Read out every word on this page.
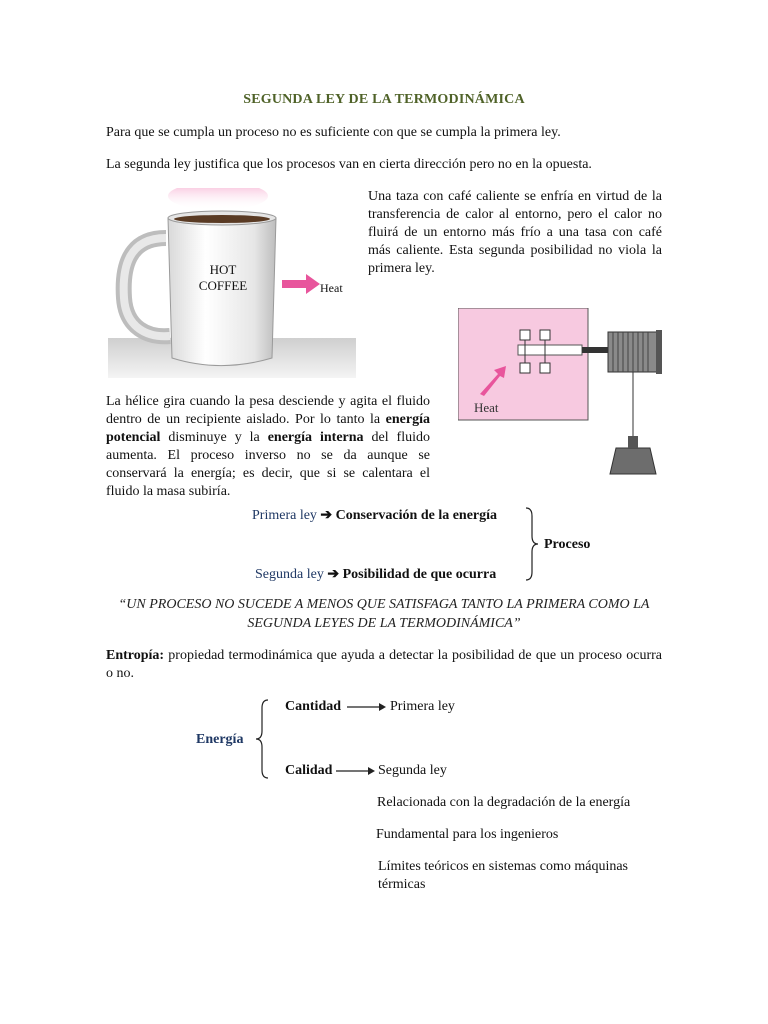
SEGUNDA LEY DE LA TERMODINÁMICA
Para que se cumpla un proceso no es suficiente con que se cumpla la primera ley.
La segunda ley justifica que los procesos van en cierta dirección pero no en la opuesta.
HOT
COFFEE	Heat
Una taza con café caliente se enfría en virtud de la transferencia de calor al entorno, pero el calor no fluirá de un entorno más frío a una tasa con café más caliente. Esta segunda posibilidad no viola la primera ley.
Heat
La hélice gira cuando la pesa desciende y agita el fluido dentro de un recipiente aislado. Por lo tanto la energía potencial disminuye y la energía interna del fluido aumenta. El proceso inverso no se da aunque se conservará la energía; es decir, que si se calentara el fluido la masa subiría.
Primera ley ➔ Conservación de la energía
Segunda ley ➔ Posibilidad de que ocurra
Proceso
“UN PROCESO NO SUCEDE A MENOS QUE SATISFAGA TANTO LA PRIMERA COMO LA SEGUNDA LEYES DE LA TERMODINÁMICA”
Entropía: propiedad termodinámica que ayuda a detectar la posibilidad de que un proceso ocurra o no.
Energía
Cantidad	Primera ley
Calidad	Segunda ley
Relacionada con la degradación de la energía
Fundamental para los ingenieros
Límites teóricos en sistemas como máquinas térmicas
